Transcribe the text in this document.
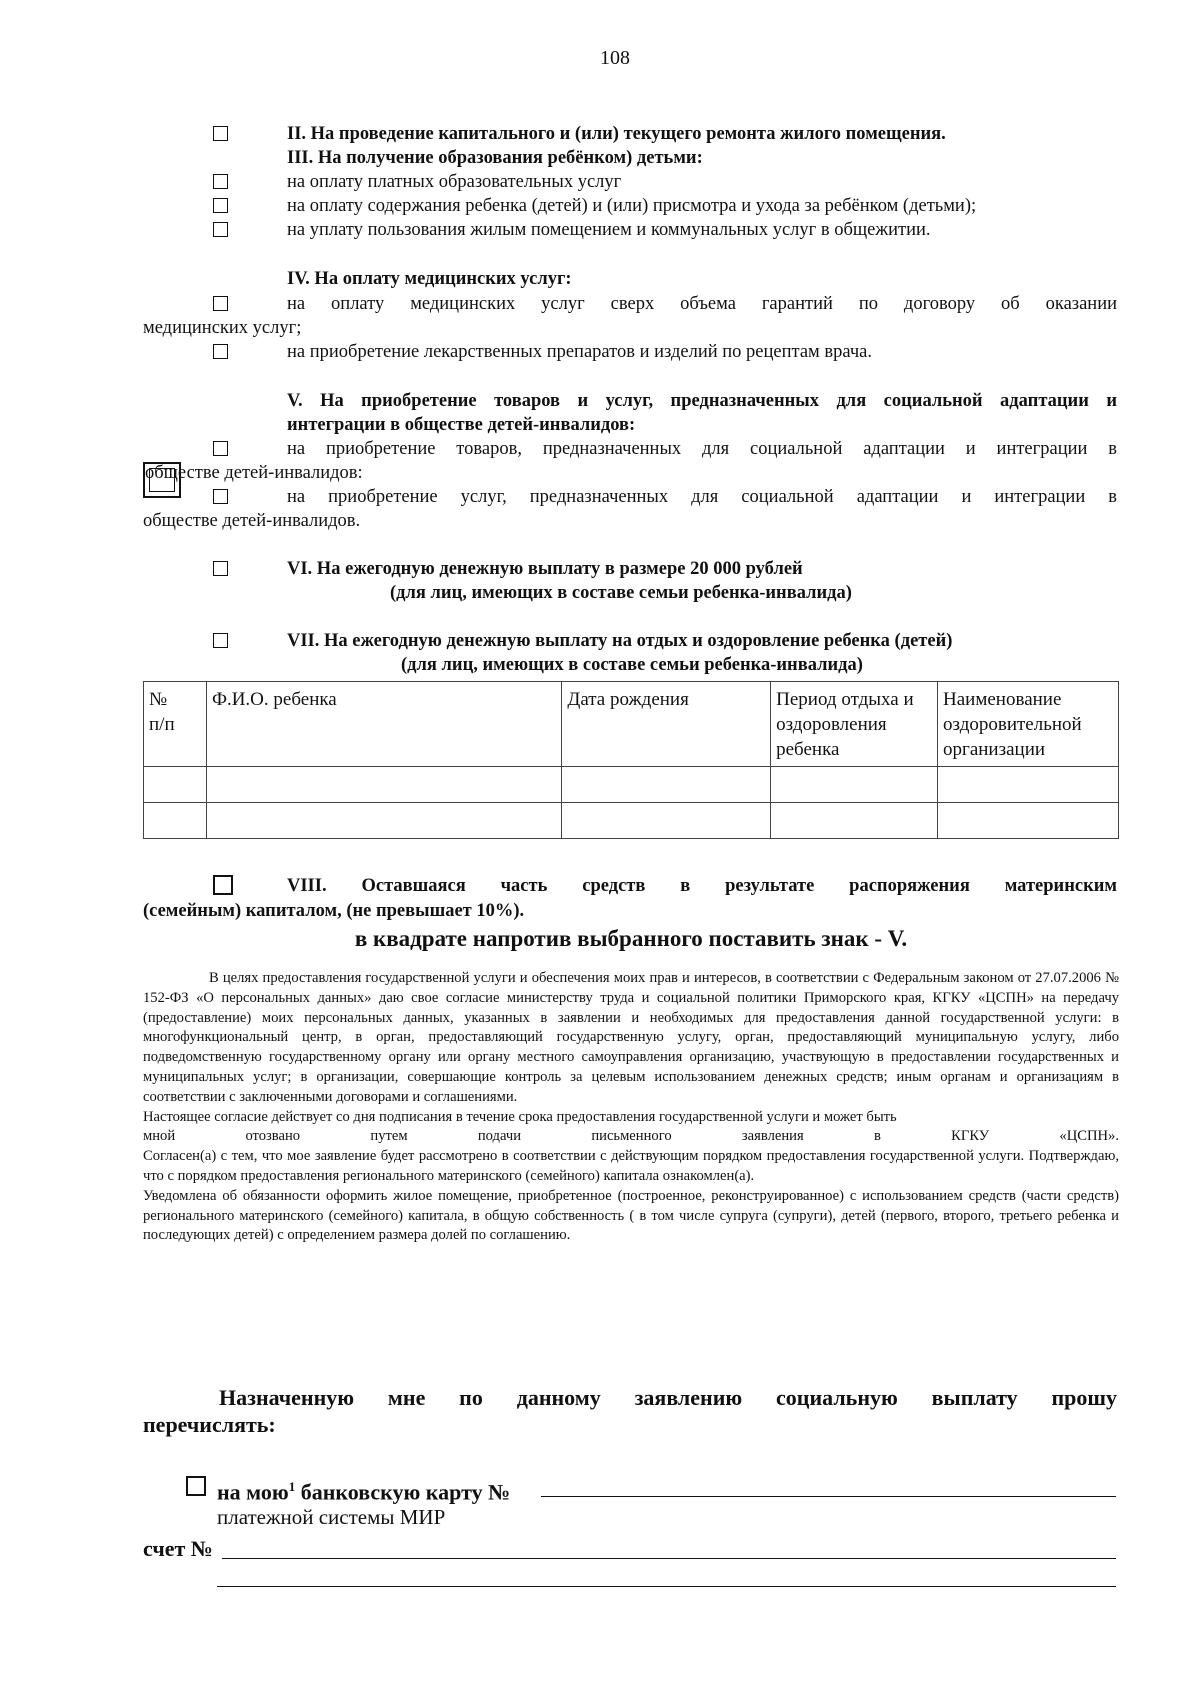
108
II. На проведение капитального и (или) текущего ремонта жилого помещения.
III. На получение образования ребёнком) детьми:
на оплату платных образовательных услуг
на оплату содержания ребенка (детей) и (или) присмотра и ухода за ребёнком (детьми);
на уплату пользования жилым помещением и коммунальных услуг в общежитии.
IV. На оплату медицинских услуг:
на оплату медицинских услуг сверх объема гарантий по договору об оказании
медицинских услуг;
на приобретение лекарственных препаратов и изделий по рецептам врача.
V. На приобретение товаров и услуг, предназначенных для социальной адаптации и
интеграции в обществе детей-инвалидов:
на приобретение товаров, предназначенных для социальной адаптации и интеграции в
обществе детей-инвалидов:
на приобретение услуг, предназначенных для социальной адаптации и интеграции в
обществе детей-инвалидов.
VI. На ежегодную денежную выплату в размере 20 000 рублей
(для лиц, имеющих в составе семьи ребенка-инвалида)
VII. На ежегодную денежную выплату на отдых и оздоровление ребенка (детей)
(для лиц, имеющих в составе семьи ребенка-инвалида)
№ п/п	Ф.И.О. ребенка	Дата рождения	Период отдыха и оздоровления ребенка	Наименование оздоровительной организации

VIII. Оставшаяся часть средств в результате распоряжения материнским
(семейным) капиталом, (не превышает 10%).
в квадрате напротив выбранного поставить знак - V.

В целях предоставления государственной услуги и обеспечения моих прав и интересов, в соответствии с Федеральным законом от 27.07.2006 № 152-ФЗ «О персональных данных» даю свое согласие министерству труда и социальной политики Приморского края, КГКУ «ЦСПН» на передачу (предоставление) моих персональных данных, указанных в заявлении и необходимых для предоставления данной государственной услуги: в многофункциональный центр, в орган, предоставляющий государственную услугу, орган, предоставляющий муниципальную услугу, либо подведомственную государственному органу или органу местного самоуправления организацию, участвующую в предоставлении государственных и муниципальных услуг; в организации, совершающие контроль за целевым использованием денежных средств; иным органам и организациям в соответствии с заключенными договорами и соглашениями.

Настоящее согласие действует со дня подписания в течение срока предоставления государственной услуги и может быть

мной отозвано путем подачи письменного заявления в КГКУ «ЦСПН».

Согласен(а) с тем, что мое заявление будет рассмотрено в соответствии с действующим порядком предоставления государственной услуги. Подтверждаю, что с порядком предоставления регионального материнского (семейного) капитала ознакомлен(а).

Уведомлена об обязанности оформить жилое помещение, приобретенное (построенное, реконструированное) с использованием средств (части средств) регионального материнского (семейного) капитала, в общую собственность ( в том числе супруга (супруги), детей (первого, второго, третьего ребенка и последующих детей) с определением размера долей по соглашению.

Назначенную мне по данному заявлению социальную выплату прошу
перечислять:
на мою$^1$ банковскую карту №
платежной системы МИР
счет №
